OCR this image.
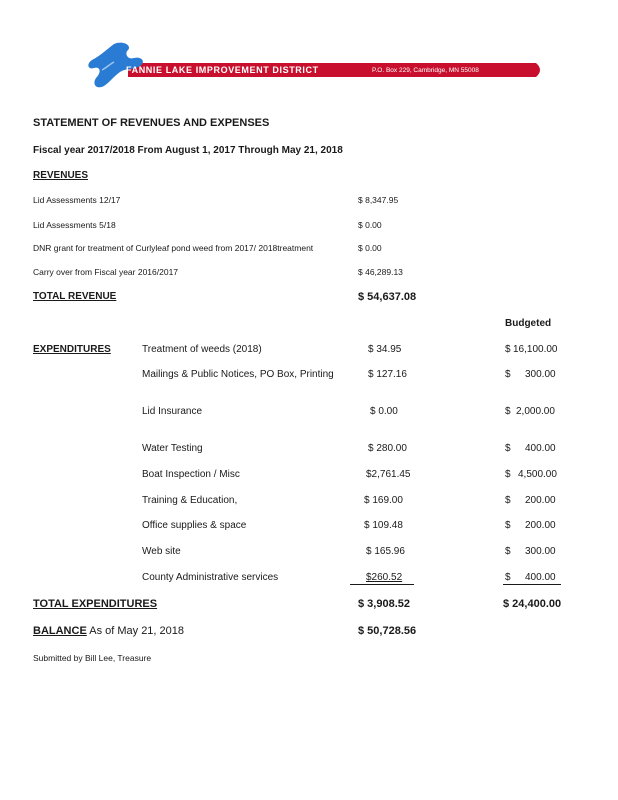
FANNIE LAKE IMPROVEMENT DISTRICT	P.O. Box 229, Cambridge, MN 55008
STATEMENT OF REVENUES AND EXPENSES
Fiscal year 2017/2018 From August 1, 2017 Through May 21, 2018
REVENUES
Lid Assessments 12/17	$ 8,347.95
Lid Assessments 5/18	$ 0.00
DNR grant for treatment of Curlyleaf pond weed from 2017/ 2018treatment	$ 0.00
Carry over from Fiscal year 2016/2017	$ 46,289.13
TOTAL REVENUE	$ 54,637.08
Budgeted
EXPENDITURES	Treatment of weeds (2018)	$ 34.95	$ 16,100.00
Mailings & Public Notices, PO Box, Printing	$ 127.16	$ 300.00
Lid Insurance	$ 0.00	$ 2,000.00
Water Testing	$ 280.00	$ 400.00
Boat Inspection / Misc	$2,761.45	$ 4,500.00
Training & Education,	$ 169.00	$ 200.00
Office supplies & space	$ 109.48	$ 200.00
Web site	$ 165.96	$ 300.00
County Administrative services	$260.52	$ 400.00
TOTAL EXPENDITURES	$ 3,908.52	$ 24,400.00
BALANCE As of May 21, 2018	$ 50,728.56
Submitted by Bill Lee, Treasure
